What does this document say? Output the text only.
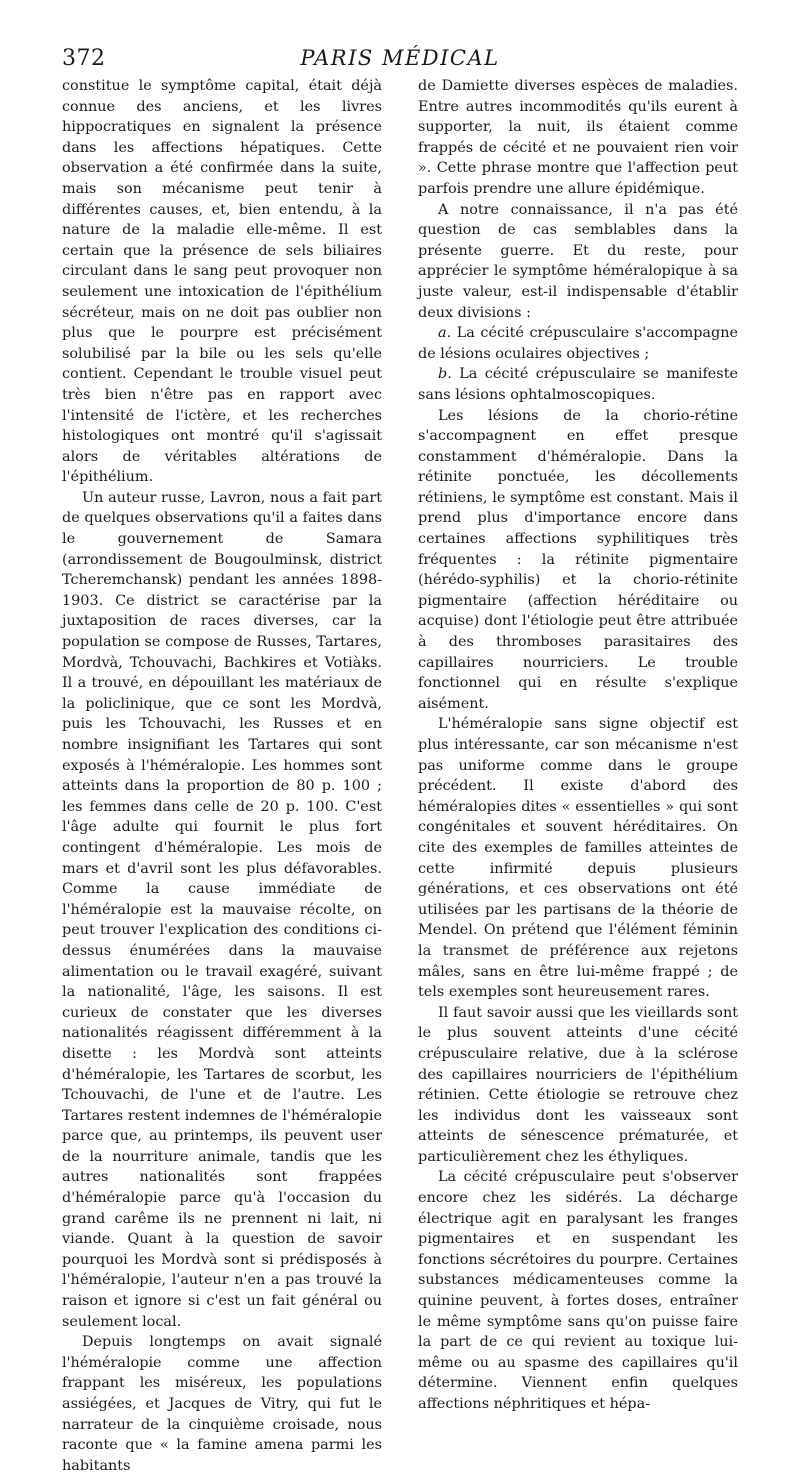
372	PARIS MÉDICAL

constitue le symptôme capital, était déjà connue des anciens, et les livres hippocratiques en signalent la présence dans les affections hépatiques. Cette observation a été confirmée dans la suite, mais son mécanisme peut tenir à différentes causes, et, bien entendu, à la nature de la maladie elle-même. Il est certain que la présence de sels biliaires circulant dans le sang peut provoquer non seulement une intoxication de l'épithélium sécréteur, mais on ne doit pas oublier non plus que le pourpre est précisément solubilisé par la bile ou les sels qu'elle contient. Cependant le trouble visuel peut très bien n'être pas en rapport avec l'intensité de l'ictère, et les recherches histologiques ont montré qu'il s'agissait alors de véritables altérations de l'épithélium.

Un auteur russe, Lavron, nous a fait part de quelques observations qu'il a faites dans le gouvernement de Samara (arrondissement de Bougoulminsk, district Tcheremchansk) pendant les années 1898-1903. Ce district se caractérise par la juxtaposition de races diverses, car la population se compose de Russes, Tartares, Mordvà, Tchouvachi, Bachkires et Votiàks. Il a trouvé, en dépouillant les matériaux de la policlinique, que ce sont les Mordvà, puis les Tchouvachi, les Russes et en nombre insignifiant les Tartares qui sont exposés à l'héméralopie. Les hommes sont atteints dans la proportion de 80 p. 100 ; les femmes dans celle de 20 p. 100. C'est l'âge adulte qui fournit le plus fort contingent d'héméralopie. Les mois de mars et d'avril sont les plus défavorables. Comme la cause immédiate de l'héméralopie est la mauvaise récolte, on peut trouver l'explication des conditions ci-dessus énumérées dans la mauvaise alimentation ou le travail exagéré, suivant la nationalité, l'âge, les saisons. Il est curieux de constater que les diverses nationalités réagissent différemment à la disette : les Mordvà sont atteints d'héméralopie, les Tartares de scorbut, les Tchouvachi, de l'une et de l'autre. Les Tartares restent indemnes de l'héméralopie parce que, au printemps, ils peuvent user de la nourriture animale, tandis que les autres nationalités sont frappées d'héméralopie parce qu'à l'occasion du grand carême ils ne prennent ni lait, ni viande. Quant à la question de savoir pourquoi les Mordvà sont si prédisposés à l'héméralopie, l'auteur n'en a pas trouvé la raison et ignore si c'est un fait général ou seulement local.

Depuis longtemps on avait signalé l'héméralopie comme une affection frappant les miséreux, les populations assiégées, et Jacques de Vitry, qui fut le narrateur de la cinquième croisade, nous raconte que « la famine amena parmi les habitants

de Damiette diverses espèces de maladies. Entre autres incommodités qu'ils eurent à supporter, la nuit, ils étaient comme frappés de cécité et ne pouvaient rien voir ». Cette phrase montre que l'affection peut parfois prendre une allure épidémique.

A notre connaissance, il n'a pas été question de cas semblables dans la présente guerre. Et du reste, pour apprécier le symptôme héméralopique à sa juste valeur, est-il indispensable d'établir deux divisions :

a. La cécité crépusculaire s'accompagne de lésions oculaires objectives ;

b. La cécité crépusculaire se manifeste sans lésions ophtalmoscopiques.

Les lésions de la chorio-rétine s'accompagnent en effet presque constamment d'héméralopie. Dans la rétinite ponctuée, les décollements rétiniens, le symptôme est constant. Mais il prend plus d'importance encore dans certaines affections syphilitiques très fréquentes : la rétinite pigmentaire (hérédo-syphilis) et la chorio-rétinite pigmentaire (affection héréditaire ou acquise) dont l'étiologie peut être attribuée à des thromboses parasitaires des capillaires nourriciers. Le trouble fonctionnel qui en résulte s'explique aisément.

L'héméralopie sans signe objectif est plus intéressante, car son mécanisme n'est pas uniforme comme dans le groupe précédent. Il existe d'abord des héméralopies dites « essentielles » qui sont congénitales et souvent héréditaires. On cite des exemples de familles atteintes de cette infirmité depuis plusieurs générations, et ces observations ont été utilisées par les partisans de la théorie de Mendel. On prétend que l'élément féminin la transmet de préférence aux rejetons mâles, sans en être lui-même frappé ; de tels exemples sont heureusement rares.

Il faut savoir aussi que les vieillards sont le plus souvent atteints d'une cécité crépusculaire relative, due à la sclérose des capillaires nourriciers de l'épithélium rétinien. Cette étiologie se retrouve chez les individus dont les vaisseaux sont atteints de sénescence prématurée, et particulièrement chez les éthyliques.

La cécité crépusculaire peut s'observer encore chez les sidérés. La décharge électrique agit en paralysant les franges pigmentaires et en suspendant les fonctions sécrétoires du pourpre. Certaines substances médicamenteuses comme la quinine peuvent, à fortes doses, entraîner le même symptôme sans qu'on puisse faire la part de ce qui revient au toxique lui-même ou au spasme des capillaires qu'il détermine. Viennent enfin quelques affections néphritiques et hépa-
